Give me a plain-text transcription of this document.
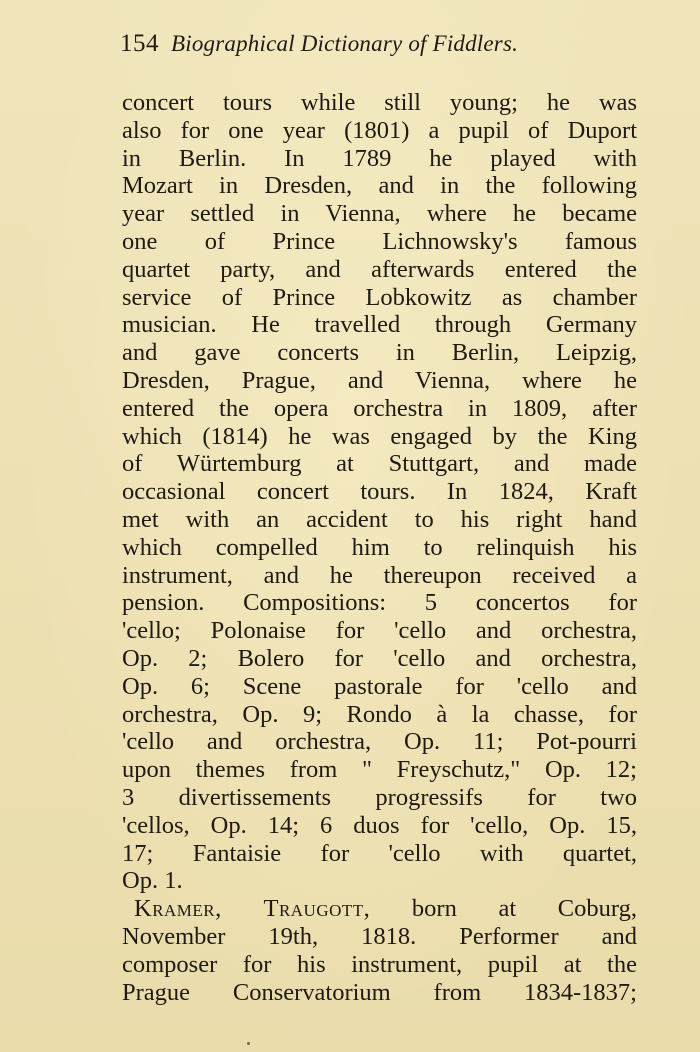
154 Biographical Dictionary of Fiddlers.
concert tours while still young; he was
also for one year (1801) a pupil of Duport
in Berlin. In 1789 he played with
Mozart in Dresden, and in the following
year settled in Vienna, where he became
one of Prince Lichnowsky's famous
quartet party, and afterwards entered the
service of Prince Lobkowitz as chamber
musician. He travelled through Germany
and gave concerts in Berlin, Leipzig,
Dresden, Prague, and Vienna, where he
entered the opera orchestra in 1809, after
which (1814) he was engaged by the King
of Würtemburg at Stuttgart, and made
occasional concert tours. In 1824, Kraft
met with an accident to his right hand
which compelled him to relinquish his
instrument, and he thereupon received a
pension. Compositions: 5 concertos for
'cello; Polonaise for 'cello and orchestra,
Op. 2; Bolero for 'cello and orchestra,
Op. 6; Scene pastorale for 'cello and
orchestra, Op. 9; Rondo à la chasse, for
'cello and orchestra, Op. 11; Pot-pourri
upon themes from " Freyschutz," Op. 12;
3 divertissements progressifs for two
'cellos, Op. 14; 6 duos for 'cello, Op. 15,
17; Fantaisie for 'cello with quartet,
Op. 1.
Kramer, Traugott, born at Coburg,
November 19th, 1818. Performer and
composer for his instrument, pupil at the
Prague Conservatorium from 1834-1837;
